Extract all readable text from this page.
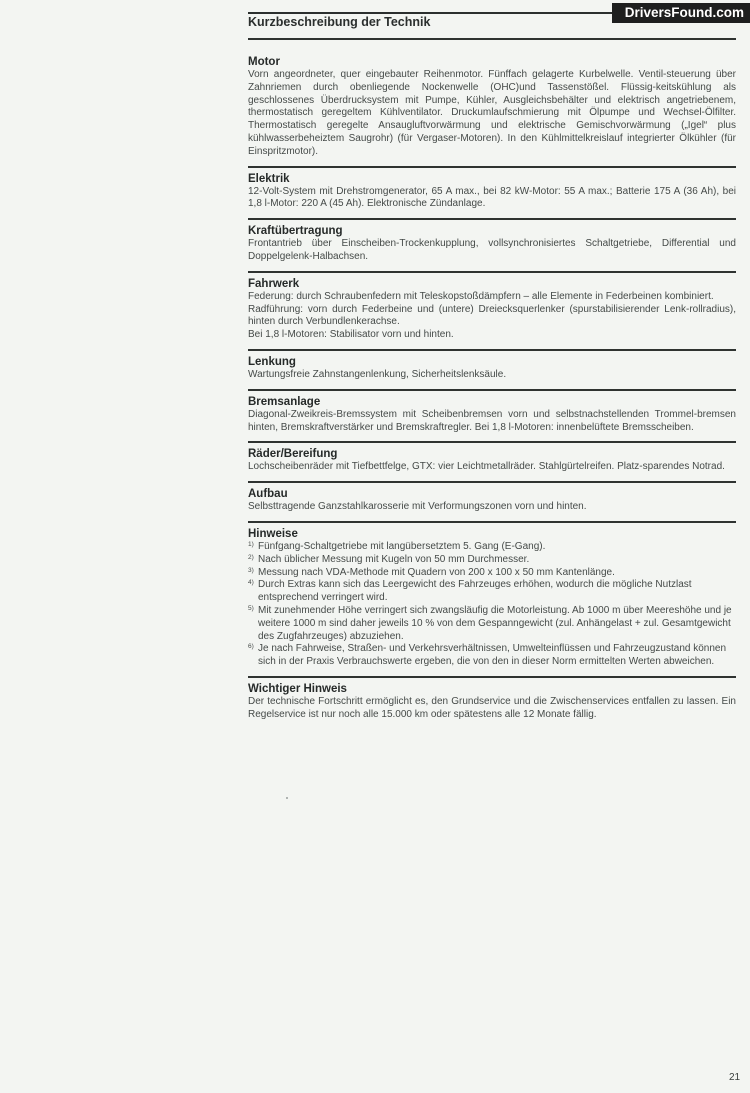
Kurzbeschreibung der Technik
DriversFound.com
Motor

Vorn angeordneter, quer eingebauter Reihenmotor. Fünffach gelagerte Kurbelwelle. Ventil-steuerung über Zahnriemen durch obenliegende Nockenwelle (OHC)und Tassenstößel. Flüssig-keitskühlung als geschlossenes Überdrucksystem mit Pumpe, Kühler, Ausgleichsbehälter und elektrisch angetriebenem, thermostatisch geregeltem Kühlventilator. Druckumlaufschmierung mit Ölpumpe und Wechsel-Ölfilter. Thermostatisch geregelte Ansaugluftvorwärmung und elektrische Gemischvorwärmung („Igel“ plus kühlwasserbeheiztem Saugrohr) (für Vergaser-Motoren). In den Kühlmittelkreislauf integrierter Ölkühler (für Einspritzmotor).

Elektrik

12-Volt-System mit Drehstromgenerator, 65 A max., bei 82 kW-Motor: 55 A max.; Batterie 175 A (36 Ah), bei 1,8 l-Motor: 220 A (45 Ah). Elektronische Zündanlage.

Kraftübertragung

Frontantrieb über Einscheiben-Trockenkupplung, vollsynchronisiertes Schaltgetriebe, Differential und Doppelgelenk-Halbachsen.

Fahrwerk

Federung: durch Schraubenfedern mit Teleskopstoßdämpfern – alle Elemente in Federbeinen kombiniert.

Radführung: vorn durch Federbeine und (untere) Dreiecksquerlenker (spurstabilisierender Lenk-rollradius), hinten durch Verbundlenkerachse.

Bei 1,8 l-Motoren: Stabilisator vorn und hinten.

Lenkung

Wartungsfreie Zahnstangenlenkung, Sicherheitslenksäule.

Bremsanlage

Diagonal-Zweikreis-Bremssystem mit Scheibenbremsen vorn und selbstnachstellenden Trommel-bremsen hinten, Bremskraftverstärker und Bremskraftregler. Bei 1,8 l-Motoren: innenbelüftete Bremsscheiben.

Räder/Bereifung

Lochscheibenräder mit Tiefbettfelge, GTX: vier Leichtmetallräder. Stahlgürtelreifen. Platz-sparendes Notrad.

Aufbau

Selbsttragende Ganzstahlkarosserie mit Verformungszonen vorn und hinten.

Hinweise
1) Fünfgang-Schaltgetriebe mit langübersetztem 5. Gang (E-Gang).
2) Nach üblicher Messung mit Kugeln von 50 mm Durchmesser.
3) Messung nach VDA-Methode mit Quadern von 200 x 100 x 50 mm Kantenlänge.
4) Durch Extras kann sich das Leergewicht des Fahrzeuges erhöhen, wodurch die mögliche Nutzlast entsprechend verringert wird.
5) Mit zunehmender Höhe verringert sich zwangsläufig die Motorleistung. Ab 1000 m über Meereshöhe und je weitere 1000 m sind daher jeweils 10 % von dem Gespanngewicht (zul. Anhängelast + zul. Gesamtgewicht des Zugfahrzeuges) abzuziehen.
6) Je nach Fahrweise, Straßen- und Verkehrsverhältnissen, Umwelteinflüssen und Fahrzeugzustand können sich in der Praxis Verbrauchswerte ergeben, die von den in dieser Norm ermittelten Werten abweichen.
Wichtiger Hinweis

Der technische Fortschritt ermöglicht es, den Grundservice und die Zwischenservices entfallen zu lassen. Ein Regelservice ist nur noch alle 15.000 km oder spätestens alle 12 Monate fällig.

21
